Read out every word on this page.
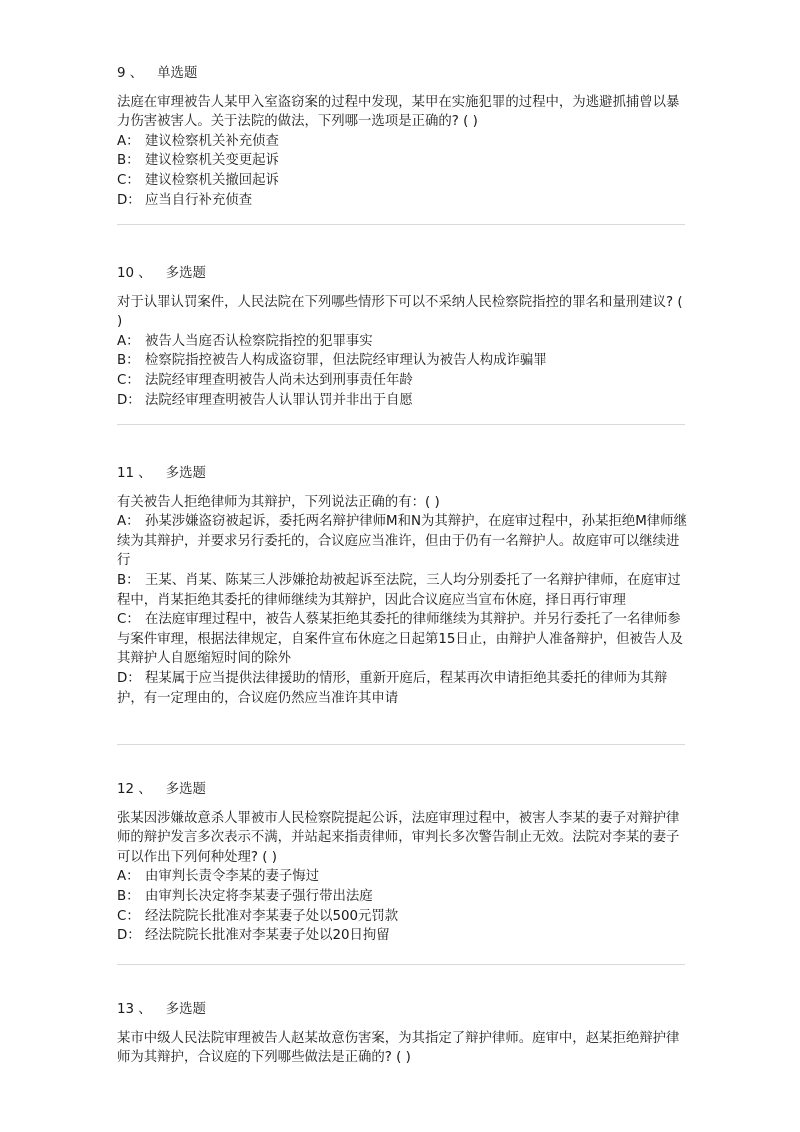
9 、 单选题
法庭在审理被告人某甲入室盗窃案的过程中发现，某甲在实施犯罪的过程中，为逃避抓捕曾以暴力伤害被害人。关于法院的做法，下列哪一选项是正确的? ( )
A： 建议检察机关补充侦查
B： 建议检察机关变更起诉
C： 建议检察机关撤回起诉
D： 应当自行补充侦查
10 、 多选题
对于认罪认罚案件，人民法院在下列哪些情形下可以不采纳人民检察院指控的罪名和量刑建议? ( )
A： 被告人当庭否认检察院指控的犯罪事实
B： 检察院指控被告人构成盗窃罪，但法院经审理认为被告人构成诈骗罪
C： 法院经审理查明被告人尚未达到刑事责任年龄
D： 法院经审理查明被告人认罪认罚并非出于自愿
11 、 多选题
有关被告人拒绝律师为其辩护，下列说法正确的有：( )
A： 孙某涉嫌盗窃被起诉，委托两名辩护律师M和N为其辩护，在庭审过程中，孙某拒绝M律师继续为其辩护，并要求另行委托的，合议庭应当准许，但由于仍有一名辩护人。故庭审可以继续进行
B： 王某、肖某、陈某三人涉嫌抢劫被起诉至法院，三人均分别委托了一名辩护律师，在庭审过程中，肖某拒绝其委托的律师继续为其辩护，因此合议庭应当宣布休庭，择日再行审理
C： 在法庭审理过程中，被告人蔡某拒绝其委托的律师继续为其辩护。并另行委托了一名律师参与案件审理，根据法律规定，自案件宣布休庭之日起第15日止，由辩护人准备辩护，但被告人及其辩护人自愿缩短时间的除外
D： 程某属于应当提供法律援助的情形，重新开庭后，程某再次申请拒绝其委托的律师为其辩护，有一定理由的，合议庭仍然应当准许其申请
12 、 多选题
张某因涉嫌故意杀人罪被市人民检察院提起公诉，法庭审理过程中，被害人李某的妻子对辩护律师的辩护发言多次表示不满，并站起来指责律师，审判长多次警告制止无效。法院对李某的妻子可以作出下列何种处理? ( )
A： 由审判长责令李某的妻子悔过
B： 由审判长决定将李某妻子强行带出法庭
C： 经法院院长批准对李某妻子处以500元罚款
D： 经法院院长批准对李某妻子处以20日拘留
13 、 多选题
某市中级人民法院审理被告人赵某故意伤害案，为其指定了辩护律师。庭审中，赵某拒绝辩护律师为其辩护，合议庭的下列哪些做法是正确的? ( )
